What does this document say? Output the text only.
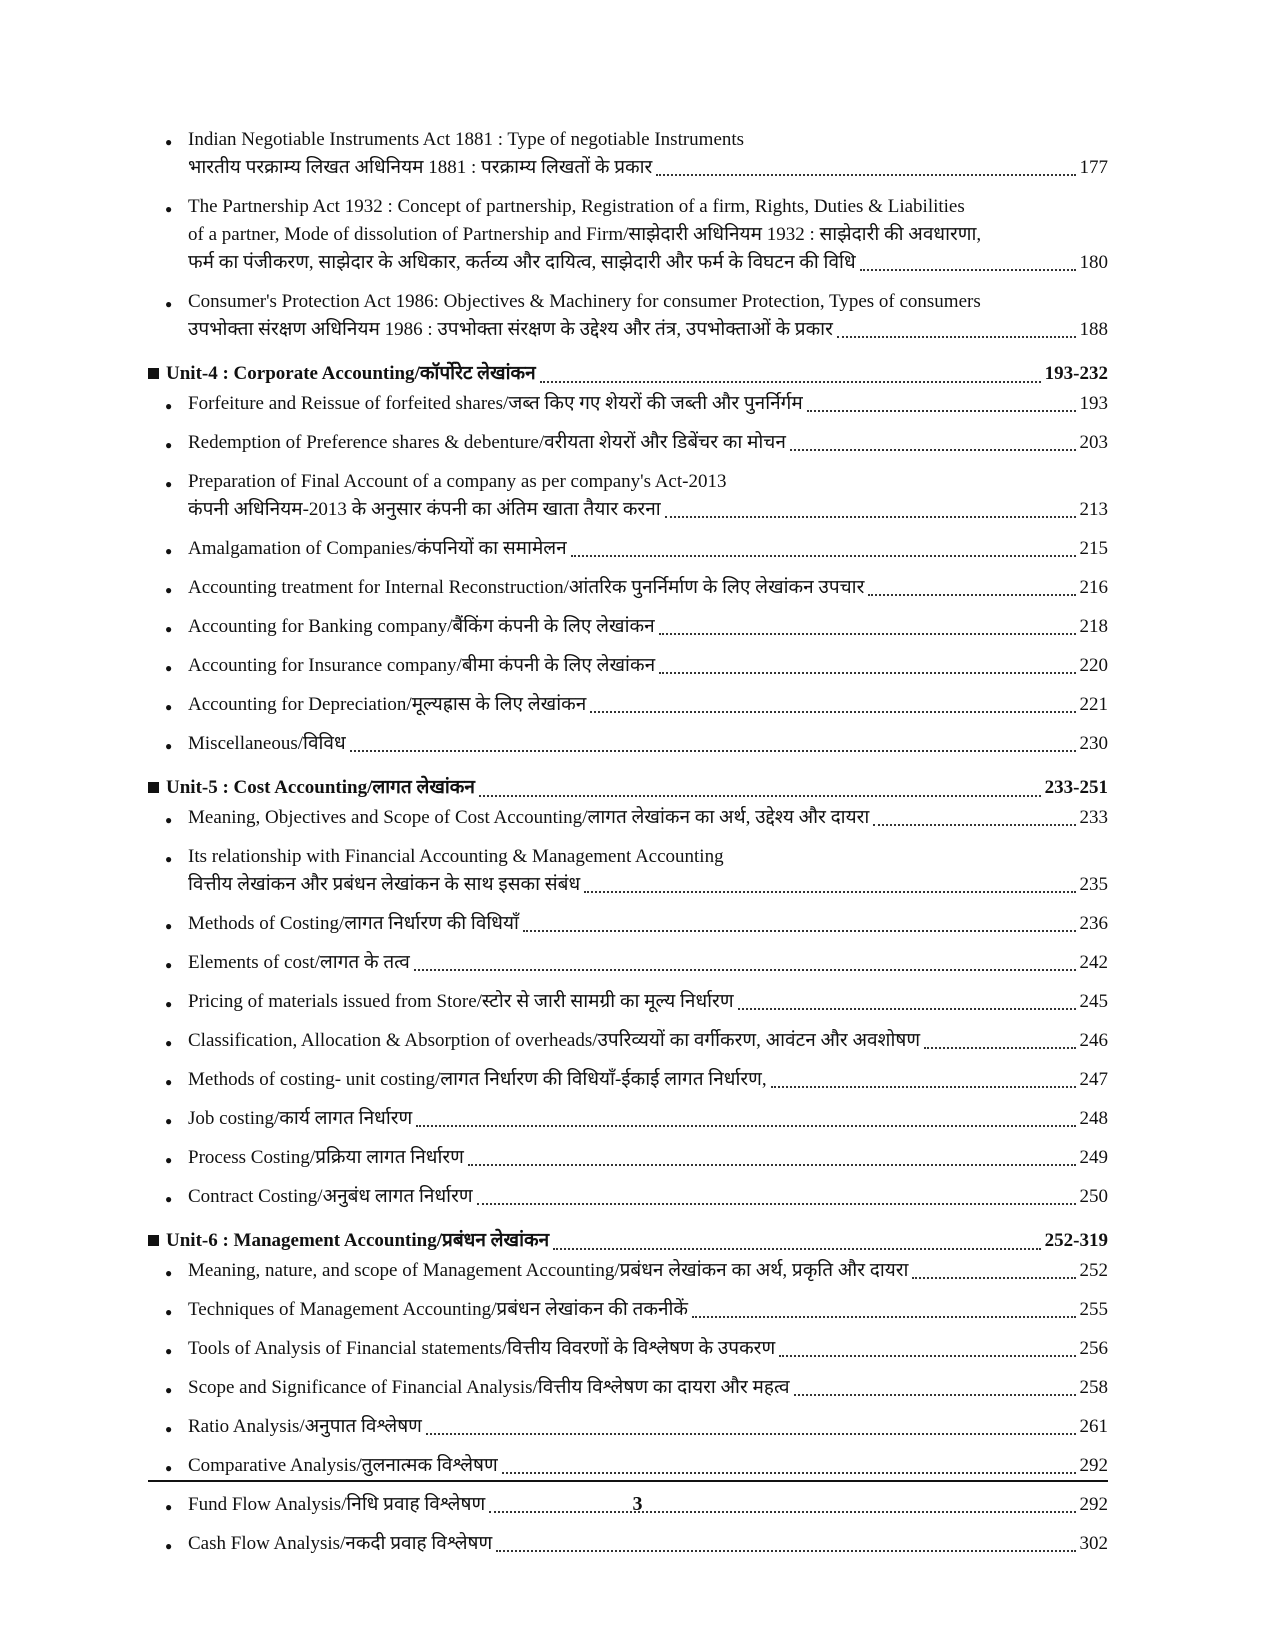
● Indian Negotiable Instruments Act 1881 : Type of negotiable Instruments
भारतीय परक्राम्य लिखत अधिनियम 1881 : परक्राम्य लिखतों के प्रकार	177
● The Partnership Act 1932 : Concept of partnership, Registration of a firm, Rights, Duties & Liabilities
of a partner, Mode of dissolution of Partnership and Firm/साझेदारी अधिनियम 1932 : साझेदारी की अवधारणा,
फर्म का पंजीकरण, साझेदार के अधिकार, कर्तव्य और दायित्व, साझेदारी और फर्म के विघटन की विधि	180
● Consumer's Protection Act 1986: Objectives & Machinery for consumer Protection, Types of consumers
उपभोक्ता संरक्षण अधिनियम 1986 : उपभोक्ता संरक्षण के उद्देश्य और तंत्र, उपभोक्ताओं के प्रकार	188
Unit-4 : Corporate Accounting/कॉर्पोरेट लेखांकन	193-232
● Forfeiture and Reissue of forfeited shares/जब्त किए गए शेयरों की जब्ती और पुनर्निर्गम	193
● Redemption of Preference shares & debenture/वरीयता शेयरों और डिबेंचर का मोचन	203
● Preparation of Final Account of a company as per company's Act-2013
कंपनी अधिनियम-2013 के अनुसार कंपनी का अंतिम खाता तैयार करना	213
● Amalgamation of Companies/कंपनियों का समामेलन	215
● Accounting treatment for Internal Reconstruction/आंतरिक पुनर्निर्माण के लिए लेखांकन उपचार	216
● Accounting for Banking company/बैंकिंग कंपनी के लिए लेखांकन	218
● Accounting for Insurance company/बीमा कंपनी के लिए लेखांकन	220
● Accounting for Depreciation/मूल्यह्रास के लिए लेखांकन	221
● Miscellaneous/विविध	230
Unit-5 : Cost Accounting/लागत लेखांकन	233-251
● Meaning, Objectives and Scope of Cost Accounting/लागत लेखांकन का अर्थ, उद्देश्य और दायरा	233
● Its relationship with Financial Accounting & Management Accounting
वित्तीय लेखांकन और प्रबंधन लेखांकन के साथ इसका संबंध	235
● Methods of Costing/लागत निर्धारण की विधियाँ	236
● Elements of cost/लागत के तत्व	242
● Pricing of materials issued from Store/स्टोर से जारी सामग्री का मूल्य निर्धारण	245
● Classification, Allocation & Absorption of overheads/उपरिव्ययों का वर्गीकरण, आवंटन और अवशोषण	246
● Methods of costing- unit costing/लागत निर्धारण की विधियाँ-ईकाई लागत निर्धारण,	247
● Job costing/कार्य लागत निर्धारण	248
● Process Costing/प्रक्रिया लागत निर्धारण	249
● Contract Costing/अनुबंध लागत निर्धारण	250
Unit-6 : Management Accounting/प्रबंधन लेखांकन	252-319
● Meaning, nature, and scope of Management Accounting/प्रबंधन लेखांकन का अर्थ, प्रकृति और दायरा	252
● Techniques of Management Accounting/प्रबंधन लेखांकन की तकनीकें	255
● Tools of Analysis of Financial statements/वित्तीय विवरणों के विश्लेषण के उपकरण	256
● Scope and Significance of Financial Analysis/वित्तीय विश्लेषण का दायरा और महत्व	258
● Ratio Analysis/अनुपात विश्लेषण	261
● Comparative Analysis/तुलनात्मक विश्लेषण	292
● Fund Flow Analysis/निधि प्रवाह विश्लेषण	292
● Cash Flow Analysis/नकदी प्रवाह विश्लेषण	302
3
